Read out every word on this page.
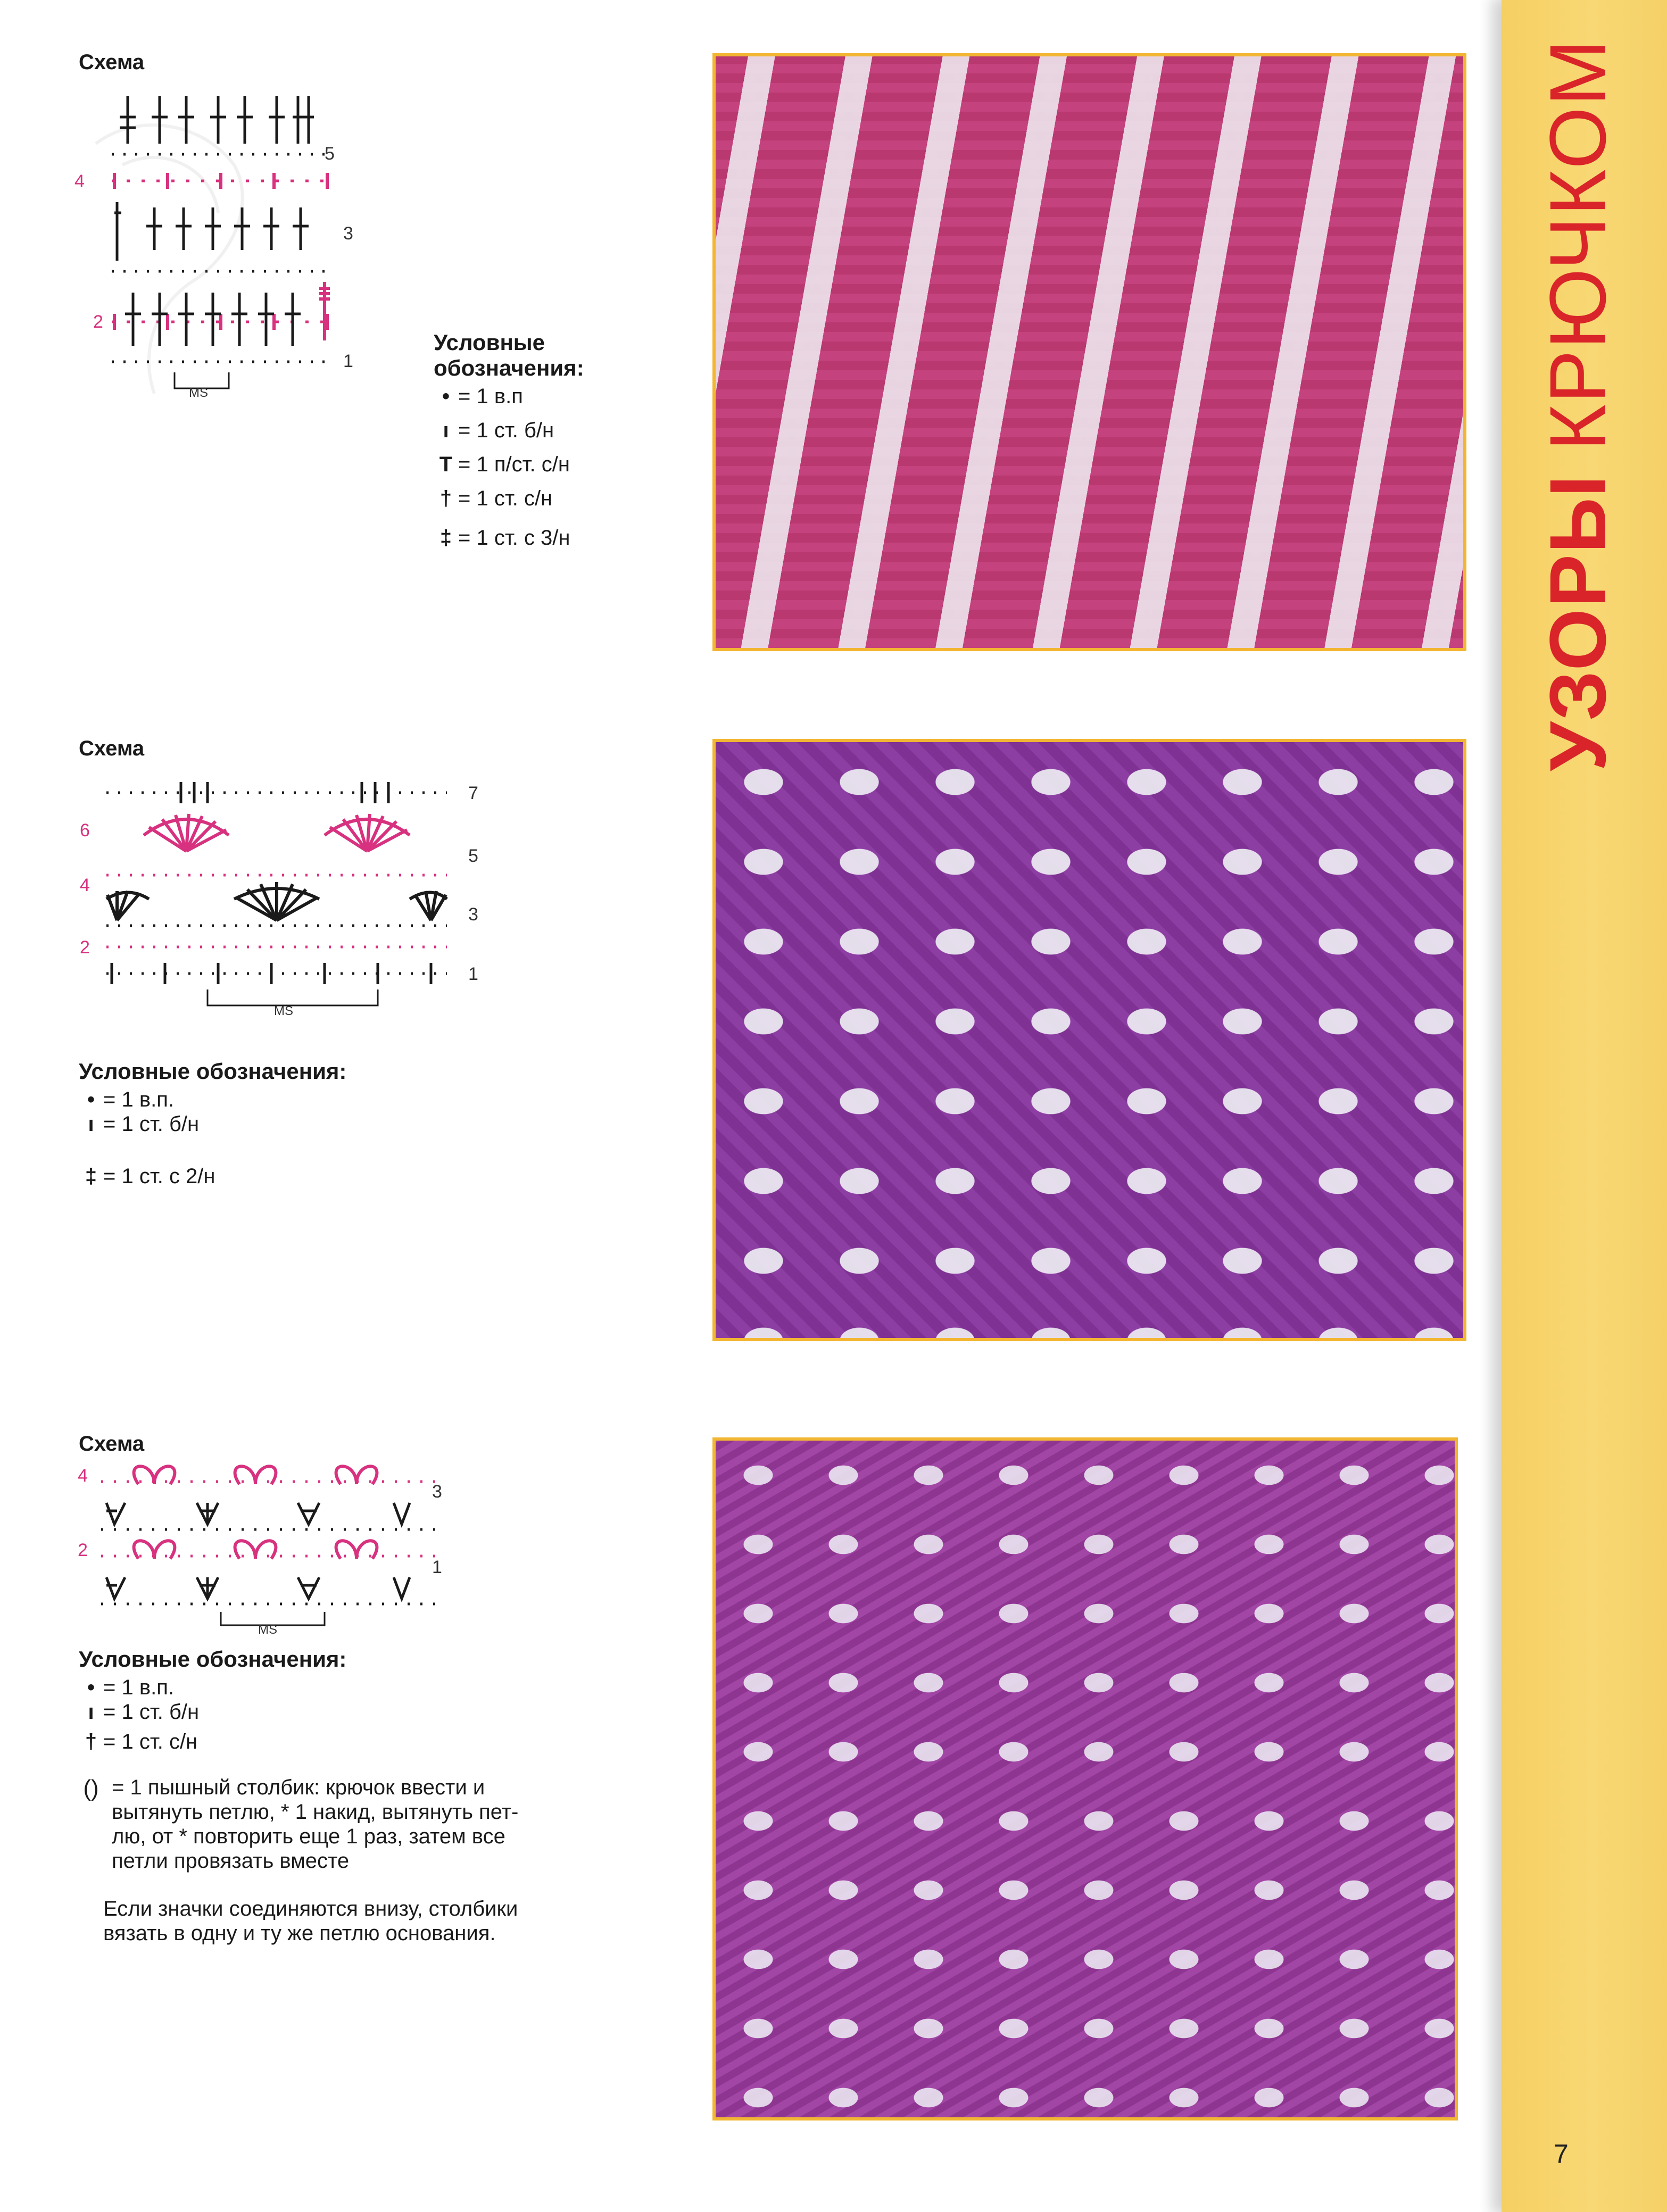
УЗОРЫ КРЮЧКОМ
7
Схема
MS
5
3
1
4
2
Условные
обозначения:
• = 1 в.п
ı = 1 ст. б/н
T = 1 п/ст. с/н
† = 1 ст. с/н
‡ = 1 ст. с 3/н
Схема
MS
7
5
3
1
6
4
2
Условные обозначения:
• = 1 в.п.
ı = 1 ст. б/н
‡ = 1 ст. с 2/н
Схема
MS
3
1
4
2
Условные обозначения:
• = 1 в.п.
ı = 1 ст. б/н
† = 1 ст. с/н
() = 1 пышный столбик: крючок ввести и
вытянуть петлю, * 1 накид, вытянуть пет-
лю, от * повторить еще 1 раз, затем все
петли провязать вместе
Если значки соединяются внизу, столбики
вязать в одну и ту же петлю основания.
